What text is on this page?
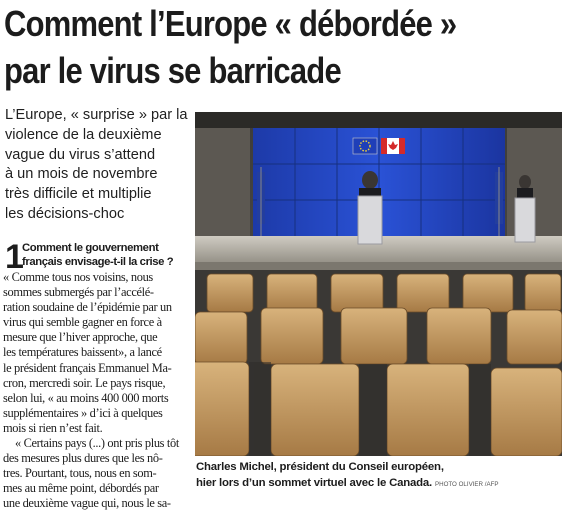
Comment l’Europe « débordée »
par le virus se barricade
L’Europe, « surprise » par la
violence de la deuxième
vague du virus s’attend
à un mois de novembre
très difficile et multiplie
les décisions-choc
1
Comment le gouvernement
français envisage-t-il la crise ?
« Comme tous nos voisins, nous
sommes submergés par l’accélé-
ration soudaine de l’épidémie par un
virus qui semble gagner en force à
mesure que l’hiver approche, que
les températures baissent», a lancé
le président français Emmanuel Ma-
cron, mercredi soir. Le pays risque,
selon lui, « au moins 400 000 morts
supplémentaires » d’ici à quelques
mois si rien n’est fait.
« Certains pays (...) ont pris plus tôt
des mesures plus dures que les nô-
tres. Pourtant, tous, nous en som-
mes au même point, débordés par
une deuxième vague qui, nous le sa-
Charles Michel, président du Conseil européen,
hier lors d’un sommet virtuel avec le Canada. PHOTO OLIVIER /AFP
